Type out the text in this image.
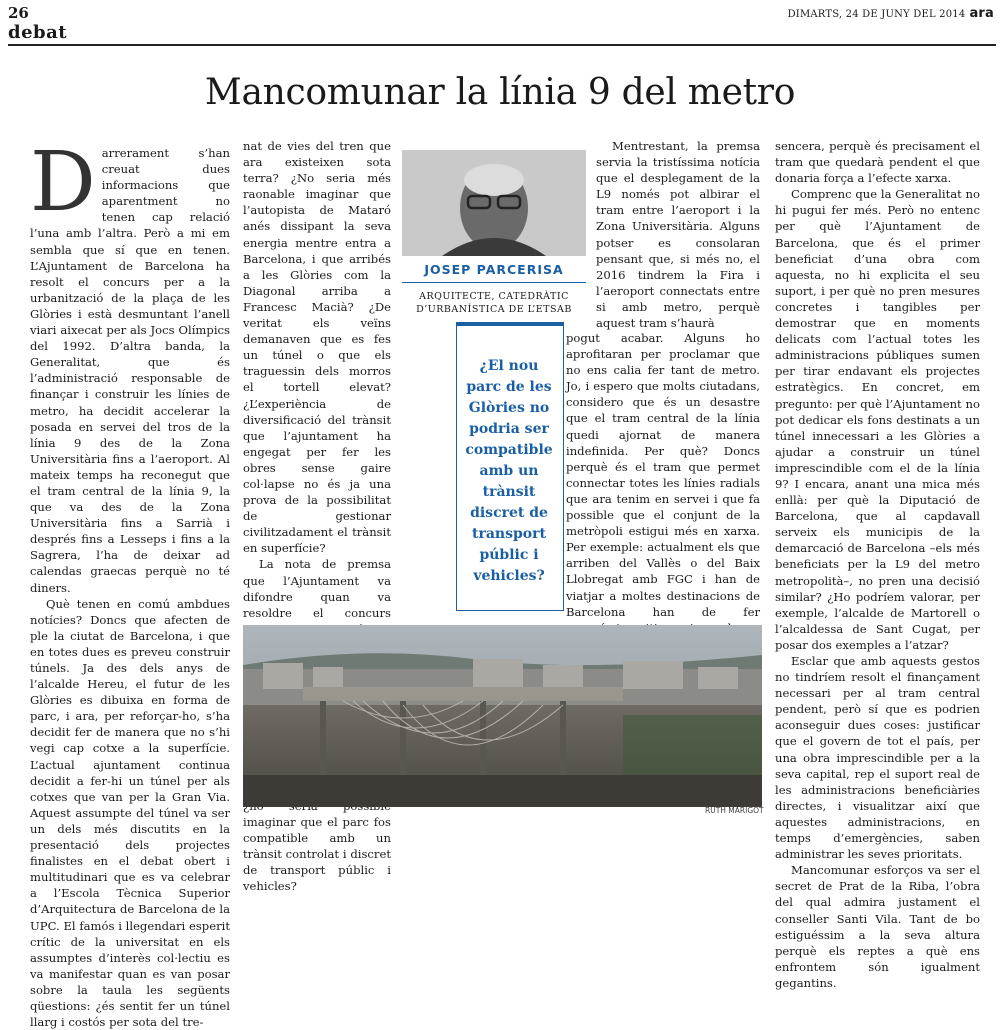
26
debat
DIMARTS, 24 DE JUNY DEL 2014 ara
Mancomunar la línia 9 del metro

Darrerament s’han creuat dues informacions que aparentment no tenen cap relació l’una amb l’altra. Però a mi em sembla que sí que en tenen. L’Ajuntament de Barcelona ha resolt el concurs per a la urbanització de la plaça de les Glòries i està desmuntant l’anell viari aixecat per als Jocs Olímpics del 1992. D’altra banda, la Generalitat, que és l’administració responsable de finançar i construir les línies de metro, ha decidit accelerar la posada en servei del tros de la línia 9 des de la Zona Universitària fins a l’aeroport. Al mateix temps ha reconegut que el tram central de la línia 9, la que va des de la Zona Universitària fins a Sarrià i després fins a Lesseps i fins a la Sagrera, l’ha de deixar ad calendas graecas perquè no té diners.

Què tenen en comú ambdues notícies? Doncs que afecten de ple la ciutat de Barcelona, i que en totes dues es preveu construir túnels. Ja des dels anys de l’alcalde Hereu, el futur de les Glòries es dibuixa en forma de parc, i ara, per reforçar-ho, s’ha decidit fer de manera que no s’hi vegi cap cotxe a la superfície. L’actual ajuntament continua decidit a fer-hi un túnel per als cotxes que van per la Gran Via. Aquest assumpte del túnel va ser un dels més discutits en la presentació dels projectes finalistes en el debat obert i multitudinari que es va celebrar a l’Escola Tècnica Superior d’Arquitectura de Barcelona de la UPC. El famós i llegendari esperit crític de la universitat en els assumptes d’interès col·lectiu es va manifestar quan es van posar sobre la taula les següents qüestions: ¿és sentit fer un túnel llarg i costós per sota del tre-

nat de vies del tren que ara existeixen sota terra? ¿No seria més raonable imaginar que l’autopista de Mataró anés dissipant la seva energia mentre entra a Barcelona, i que arribés a les Glòries com la Diagonal arriba a Francesc Macià? ¿De veritat els veïns demanaven que es fes un túnel o que els traguessin dels morros el tortell elevat? ¿L’experiència de diversificació del trànsit que l’ajuntament ha engegat per fer les obres sense gaire col·lapse no és ja una prova de la possibilitat de gestionar civilitzadament el trànsit en superfície?

La nota de premsa que l’Ajuntament va difondre quan va resoldre el concurs imaginar que el parc fos compatible amb un trànsit controlat i discret de transport públic i vehicles?

JOSEP PARCERISA
ARQUITECTE, CATEDRÀTIC
D’URBANÍSTICA DE L’ETSAB
¿El nou parc de les Glòries no podria ser compatible amb un trànsit discret de transport públic i vehicles?

Mentrestant, la premsa servia la tristíssima notícia que el desplegament de la L9 només pot albirar el tram entre l’aeroport i la Zona Universitària. Alguns potser es consolaran pensant que, si més no, el 2016 tindrem la Fira i l’aeroport connectats entre si amb metro, perquè aquest tram s’haurà

pogut acabar. Alguns ho aprofitaran per proclamar que no ens calia fer tant de metro. Jo, i espero que molts ciutadans, considero que és un desastre que el tram central de la línia quedi ajornat de manera indefinida. Per què? Doncs perquè és el tram que permet connectar totes les línies radials que ara tenim en servei i que fa possible que el conjunt de la metròpoli estigui més en xarxa. Per exemple: actualment els que arriben del Vallès o del Baix Llobregat amb FGC i han de viatjar a moltes destinacions de Barcelona han de fer

sencera, perquè és precisament el tram que quedarà pendent el que donaria força a l’efecte xarxa.

Comprenc que la Generalitat no hi pugui fer més. Però no entenc per què l’Ajuntament de Barcelona, que és el primer beneficiat d’una obra com aquesta, no hi explicita el seu suport, i per què no pren mesures concretes i tangibles per demostrar que en moments delicats com l’actual totes les administracions públiques sumen per tirar endavant els projectes estratègics. En concret, em pregunto: per què l’Ajuntament no pot dedicar els fons destinats a un túnel innecessari a les Glòries a ajudar a construir un túnel imprescindible com el de la línia 9? I encara, anant una mica més enllà: per què la Diputació de Barcelona, que al capdavall serveix els municipis de la demarcació de Barcelona –els més beneficiats per la L9 del metro metropolità–, no pren una decisió similar? ¿Ho podríem valorar, per exemple, l’alcalde de Martorell o l’alcaldessa de Sant Cugat, per posar dos exemples a l’atzar?

Esclar que amb aquests gestos no tindríem resolt el finançament necessari per al tram central pendent, però sí que es podrien aconseguir dues coses: justificar que el govern de tot el país, per una obra imprescindible per a la seva capital, rep el suport real de les administracions beneficiàries directes, i visualitzar així que aquestes administracions, en temps d’emergències, saben administrar les seves prioritats.

Mancomunar esforços va ser el secret de Prat de la Riba, l’obra del qual admira justament el conseller Santi Vila. Tant de bo estiguéssim a la seva altura perquè els reptes a què ens enfrontem són igualment gegantins.

RUTH MARIGOT
